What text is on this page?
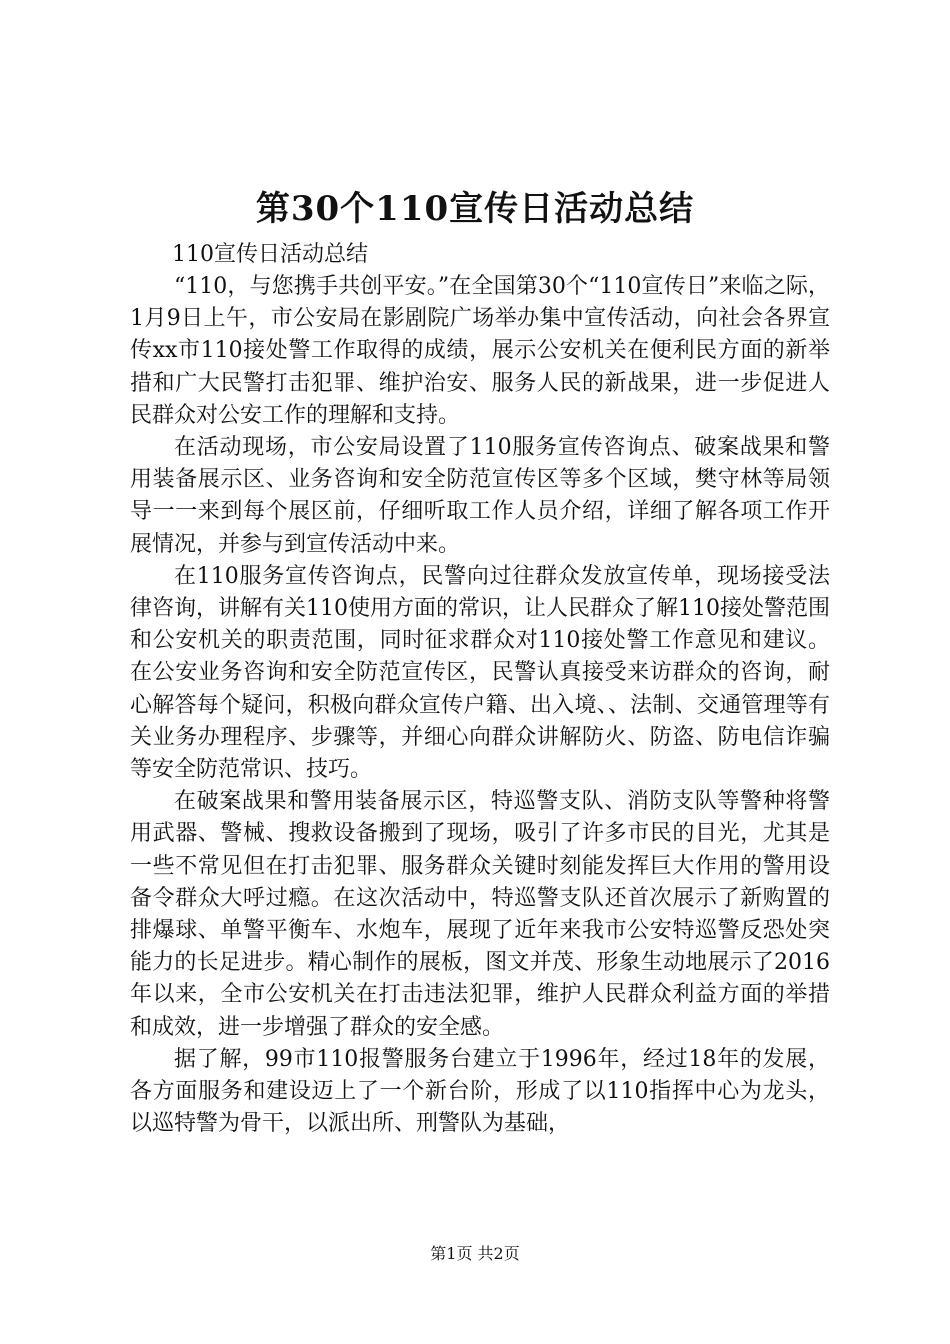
第30个110宣传日活动总结

110宣传日活动总结

“110，与您携手共创平安。”在全国第30个“110宣传日”来临之际，1月9日上午，市公安局在影剧院广场举办集中宣传活动，向社会各界宣传xx市110接处警工作取得的成绩，展示公安机关在便利民方面的新举措和广大民警打击犯罪、维护治安、服务人民的新战果，进一步促进人民群众对公安工作的理解和支持。

在活动现场，市公安局设置了110服务宣传咨询点、破案战果和警用装备展示区、业务咨询和安全防范宣传区等多个区域，樊守林等局领导一一来到每个展区前，仔细听取工作人员介绍，详细了解各项工作开展情况，并参与到宣传活动中来。

在110服务宣传咨询点，民警向过往群众发放宣传单，现场接受法律咨询，讲解有关110使用方面的常识，让人民群众了解110接处警范围和公安机关的职责范围，同时征求群众对110接处警工作意见和建议。在公安业务咨询和安全防范宣传区，民警认真接受来访群众的咨询，耐心解答每个疑问，积极向群众宣传户籍、出入境、、法制、交通管理等有关业务办理程序、步骤等，并细心向群众讲解防火、防盗、防电信诈骗等安全防范常识、技巧。

在破案战果和警用装备展示区，特巡警支队、消防支队等警种将警用武器、警械、搜救设备搬到了现场，吸引了许多市民的目光，尤其是一些不常见但在打击犯罪、服务群众关键时刻能发挥巨大作用的警用设备令群众大呼过瘾。在这次活动中，特巡警支队还首次展示了新购置的排爆球、单警平衡车、水炮车，展现了近年来我市公安特巡警反恐处突能力的长足进步。精心制作的展板，图文并茂、形象生动地展示了2016年以来，全市公安机关在打击违法犯罪，维护人民群众利益方面的举措和成效，进一步增强了群众的安全感。

据了解，99市110报警服务台建立于1996年，经过18年的发展，各方面服务和建设迈上了一个新台阶，形成了以110指挥中心为龙头，以巡特警为骨干，以派出所、刑警队为基础，

第1页 共2页
